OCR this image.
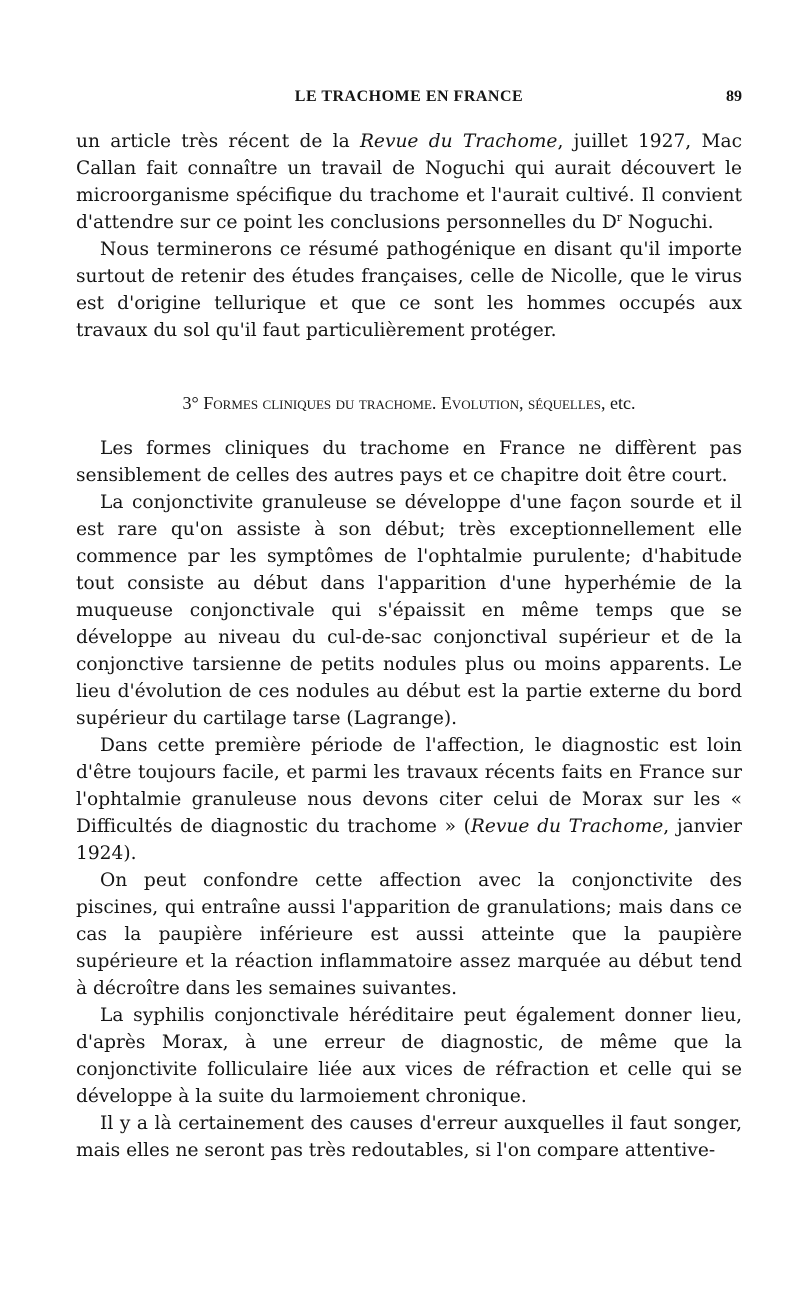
LE TRACHOME EN FRANCE	89

un article très récent de la Revue du Trachome, juillet 1927, Mac Callan fait connaître un travail de Noguchi qui aurait découvert le microorganisme spécifique du trachome et l'aurait cultivé. Il convient d'attendre sur ce point les conclusions personnelles du $D^r$ Noguchi.

Nous terminerons ce résumé pathogénique en disant qu'il importe surtout de retenir des études françaises, celle de Nicolle, que le virus est d'origine tellurique et que ce sont les hommes occupés aux travaux du sol qu'il faut particulièrement protéger.

3° Formes cliniques du trachome. Evolution, séquelles, etc.

Les formes cliniques du trachome en France ne diffèrent pas sensiblement de celles des autres pays et ce chapitre doit être court.

La conjonctivite granuleuse se développe d'une façon sourde et il est rare qu'on assiste à son début; très exceptionnellement elle commence par les symptômes de l'ophtalmie purulente; d'habitude tout consiste au début dans l'apparition d'une hyperhémie de la muqueuse conjonctivale qui s'épaissit en même temps que se développe au niveau du cul-de-sac conjonctival supérieur et de la conjonctive tarsienne de petits nodules plus ou moins apparents. Le lieu d'évolution de ces nodules au début est la partie externe du bord supérieur du cartilage tarse (Lagrange).

Dans cette première période de l'affection, le diagnostic est loin d'être toujours facile, et parmi les travaux récents faits en France sur l'ophtalmie granuleuse nous devons citer celui de Morax sur les « Difficultés de diagnostic du trachome » (Revue du Trachome, janvier 1924).

On peut confondre cette affection avec la conjonctivite des piscines, qui entraîne aussi l'apparition de granulations; mais dans ce cas la paupière inférieure est aussi atteinte que la paupière supérieure et la réaction inflammatoire assez marquée au début tend à décroître dans les semaines suivantes.

La syphilis conjonctivale héréditaire peut également donner lieu, d'après Morax, à une erreur de diagnostic, de même que la conjonctivite folliculaire liée aux vices de réfraction et celle qui se développe à la suite du larmoiement chronique.

Il y a là certainement des causes d'erreur auxquelles il faut songer, mais elles ne seront pas très redoutables, si l'on compare attentive-
